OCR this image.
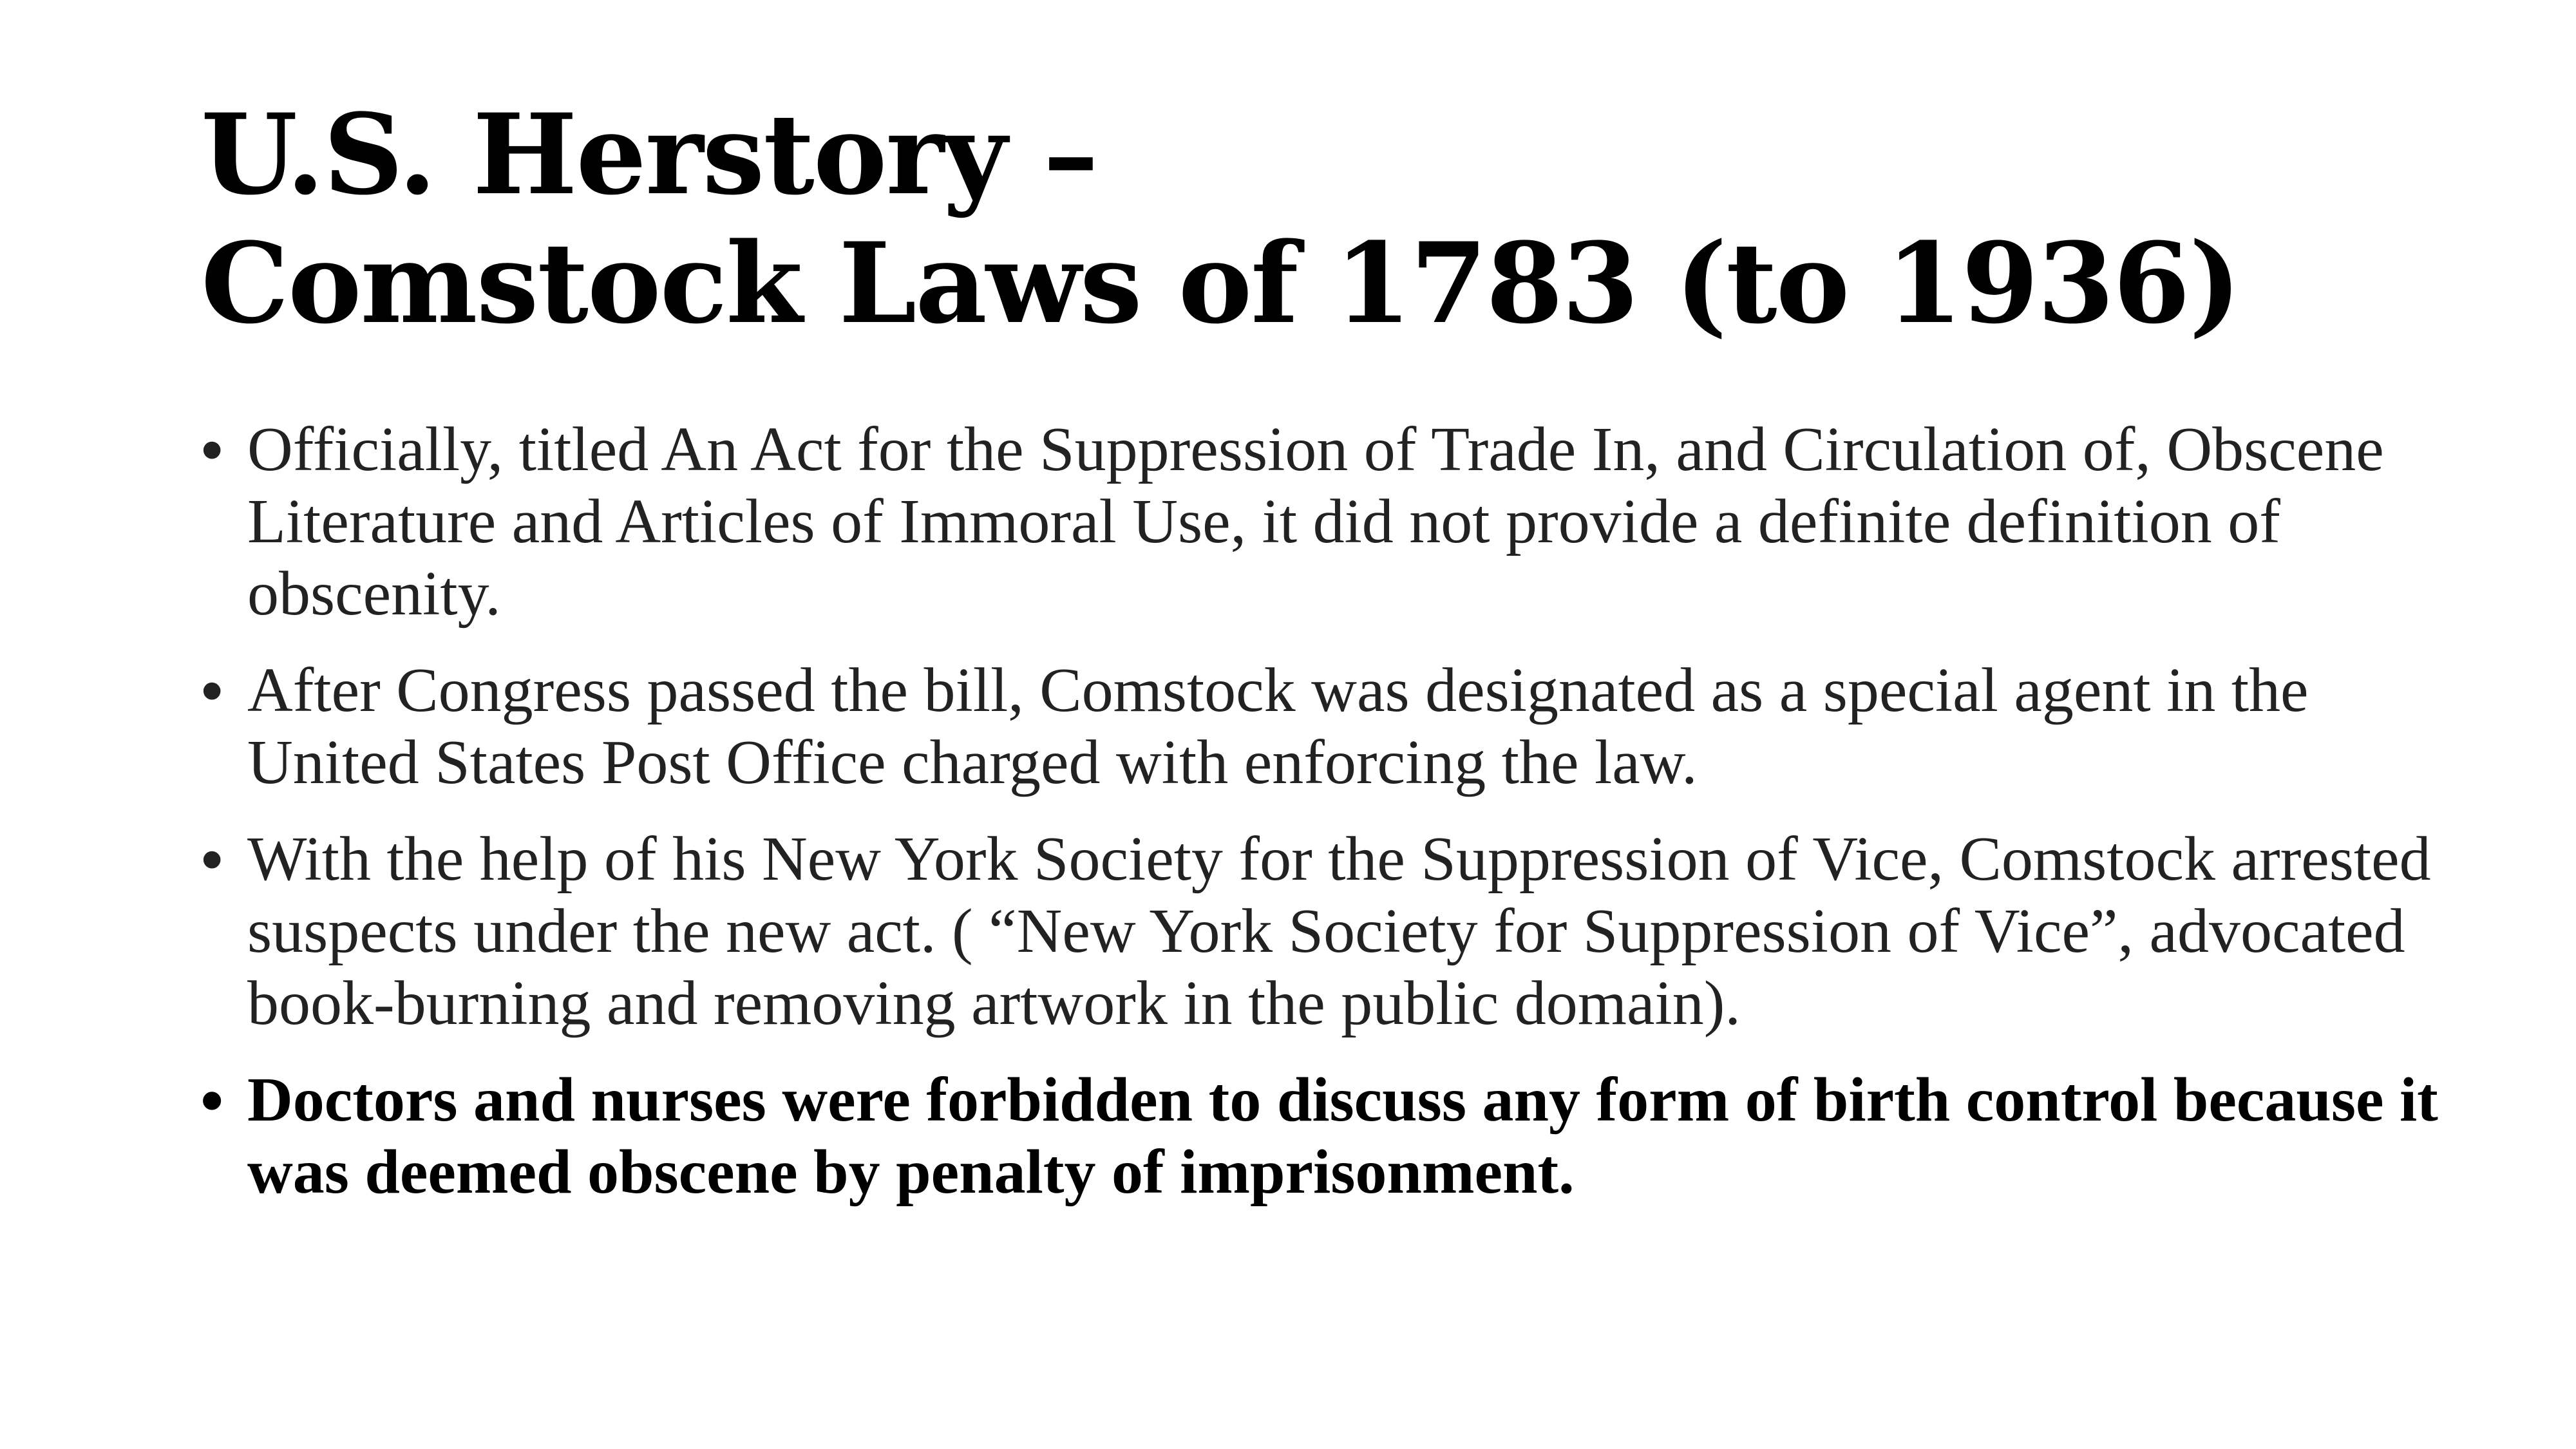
U.S. Herstory –
Comstock Laws of 1783 (to 1936)
• Officially, titled An Act for the Suppression of Trade In, and Circulation of, Obscene Literature and Articles of Immoral Use, it did not provide a definite definition of obscenity.
• After Congress passed the bill, Comstock was designated as a special agent in the United States Post Office charged with enforcing the law.
• With the help of his New York Society for the Suppression of Vice, Comstock arrested suspects under the new act. ( “New York Society for Suppression of Vice”, advocated book-burning and removing artwork in the public domain).
• Doctors and nurses were forbidden to discuss any form of birth control because it was deemed obscene by penalty of imprisonment.
